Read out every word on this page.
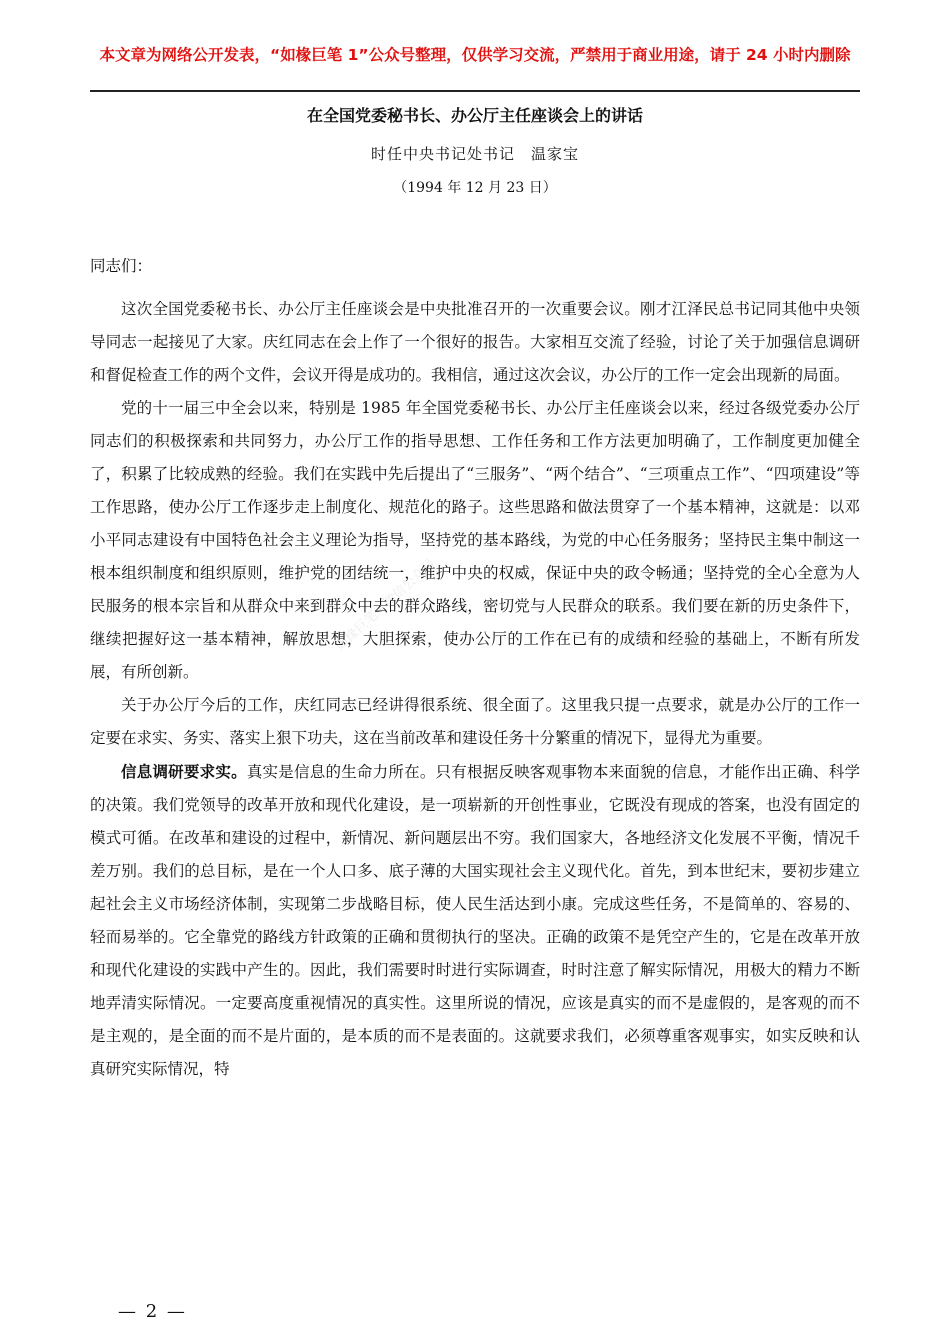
本文章为网络公开发表，“如椽巨笔 1”公众号整理，仅供学习交流，严禁用于商业用途，请于 24 小时内删除
在全国党委秘书长、办公厅主任座谈会上的讲话
时任中央书记处书记　温家宝
（1994 年 12 月 23 日）
如椽巨笔 · 微信公众号

同志们：

这次全国党委秘书长、办公厅主任座谈会是中央批准召开的一次重要会议。刚才江泽民总书记同其他中央领导同志一起接见了大家。庆红同志在会上作了一个很好的报告。大家相互交流了经验，讨论了关于加强信息调研和督促检查工作的两个文件，会议开得是成功的。我相信，通过这次会议，办公厅的工作一定会出现新的局面。

党的十一届三中全会以来，特别是 1985 年全国党委秘书长、办公厅主任座谈会以来，经过各级党委办公厅同志们的积极探索和共同努力，办公厅工作的指导思想、工作任务和工作方法更加明确了，工作制度更加健全了，积累了比较成熟的经验。我们在实践中先后提出了“三服务”、“两个结合”、“三项重点工作”、“四项建设”等工作思路，使办公厅工作逐步走上制度化、规范化的路子。这些思路和做法贯穿了一个基本精神，这就是：以邓小平同志建设有中国特色社会主义理论为指导，坚持党的基本路线，为党的中心任务服务；坚持民主集中制这一根本组织制度和组织原则，维护党的团结统一，维护中央的权威，保证中央的政令畅通；坚持党的全心全意为人民服务的根本宗旨和从群众中来到群众中去的群众路线，密切党与人民群众的联系。我们要在新的历史条件下，继续把握好这一基本精神，解放思想，大胆探索，使办公厅的工作在已有的成绩和经验的基础上，不断有所发展，有所创新。

关于办公厅今后的工作，庆红同志已经讲得很系统、很全面了。这里我只提一点要求，就是办公厅的工作一定要在求实、务实、落实上狠下功夫，这在当前改革和建设任务十分繁重的情况下，显得尤为重要。

信息调研要求实。真实是信息的生命力所在。只有根据反映客观事物本来面貌的信息，才能作出正确、科学的决策。我们党领导的改革开放和现代化建设，是一项崭新的开创性事业，它既没有现成的答案，也没有固定的模式可循。在改革和建设的过程中，新情况、新问题层出不穷。我们国家大，各地经济文化发展不平衡，情况千差万别。我们的总目标，是在一个人口多、底子薄的大国实现社会主义现代化。首先，到本世纪末，要初步建立起社会主义市场经济体制，实现第二步战略目标，使人民生活达到小康。完成这些任务，不是简单的、容易的、轻而易举的。它全靠党的路线方针政策的正确和贯彻执行的坚决。正确的政策不是凭空产生的，它是在改革开放和现代化建设的实践中产生的。因此，我们需要时时进行实际调查，时时注意了解实际情况，用极大的精力不断地弄清实际情况。一定要高度重视情况的真实性。这里所说的情况，应该是真实的而不是虚假的，是客观的而不是主观的，是全面的而不是片面的，是本质的而不是表面的。这就要求我们，必须尊重客观事实，如实反映和认真研究实际情况，特

— 2 —
